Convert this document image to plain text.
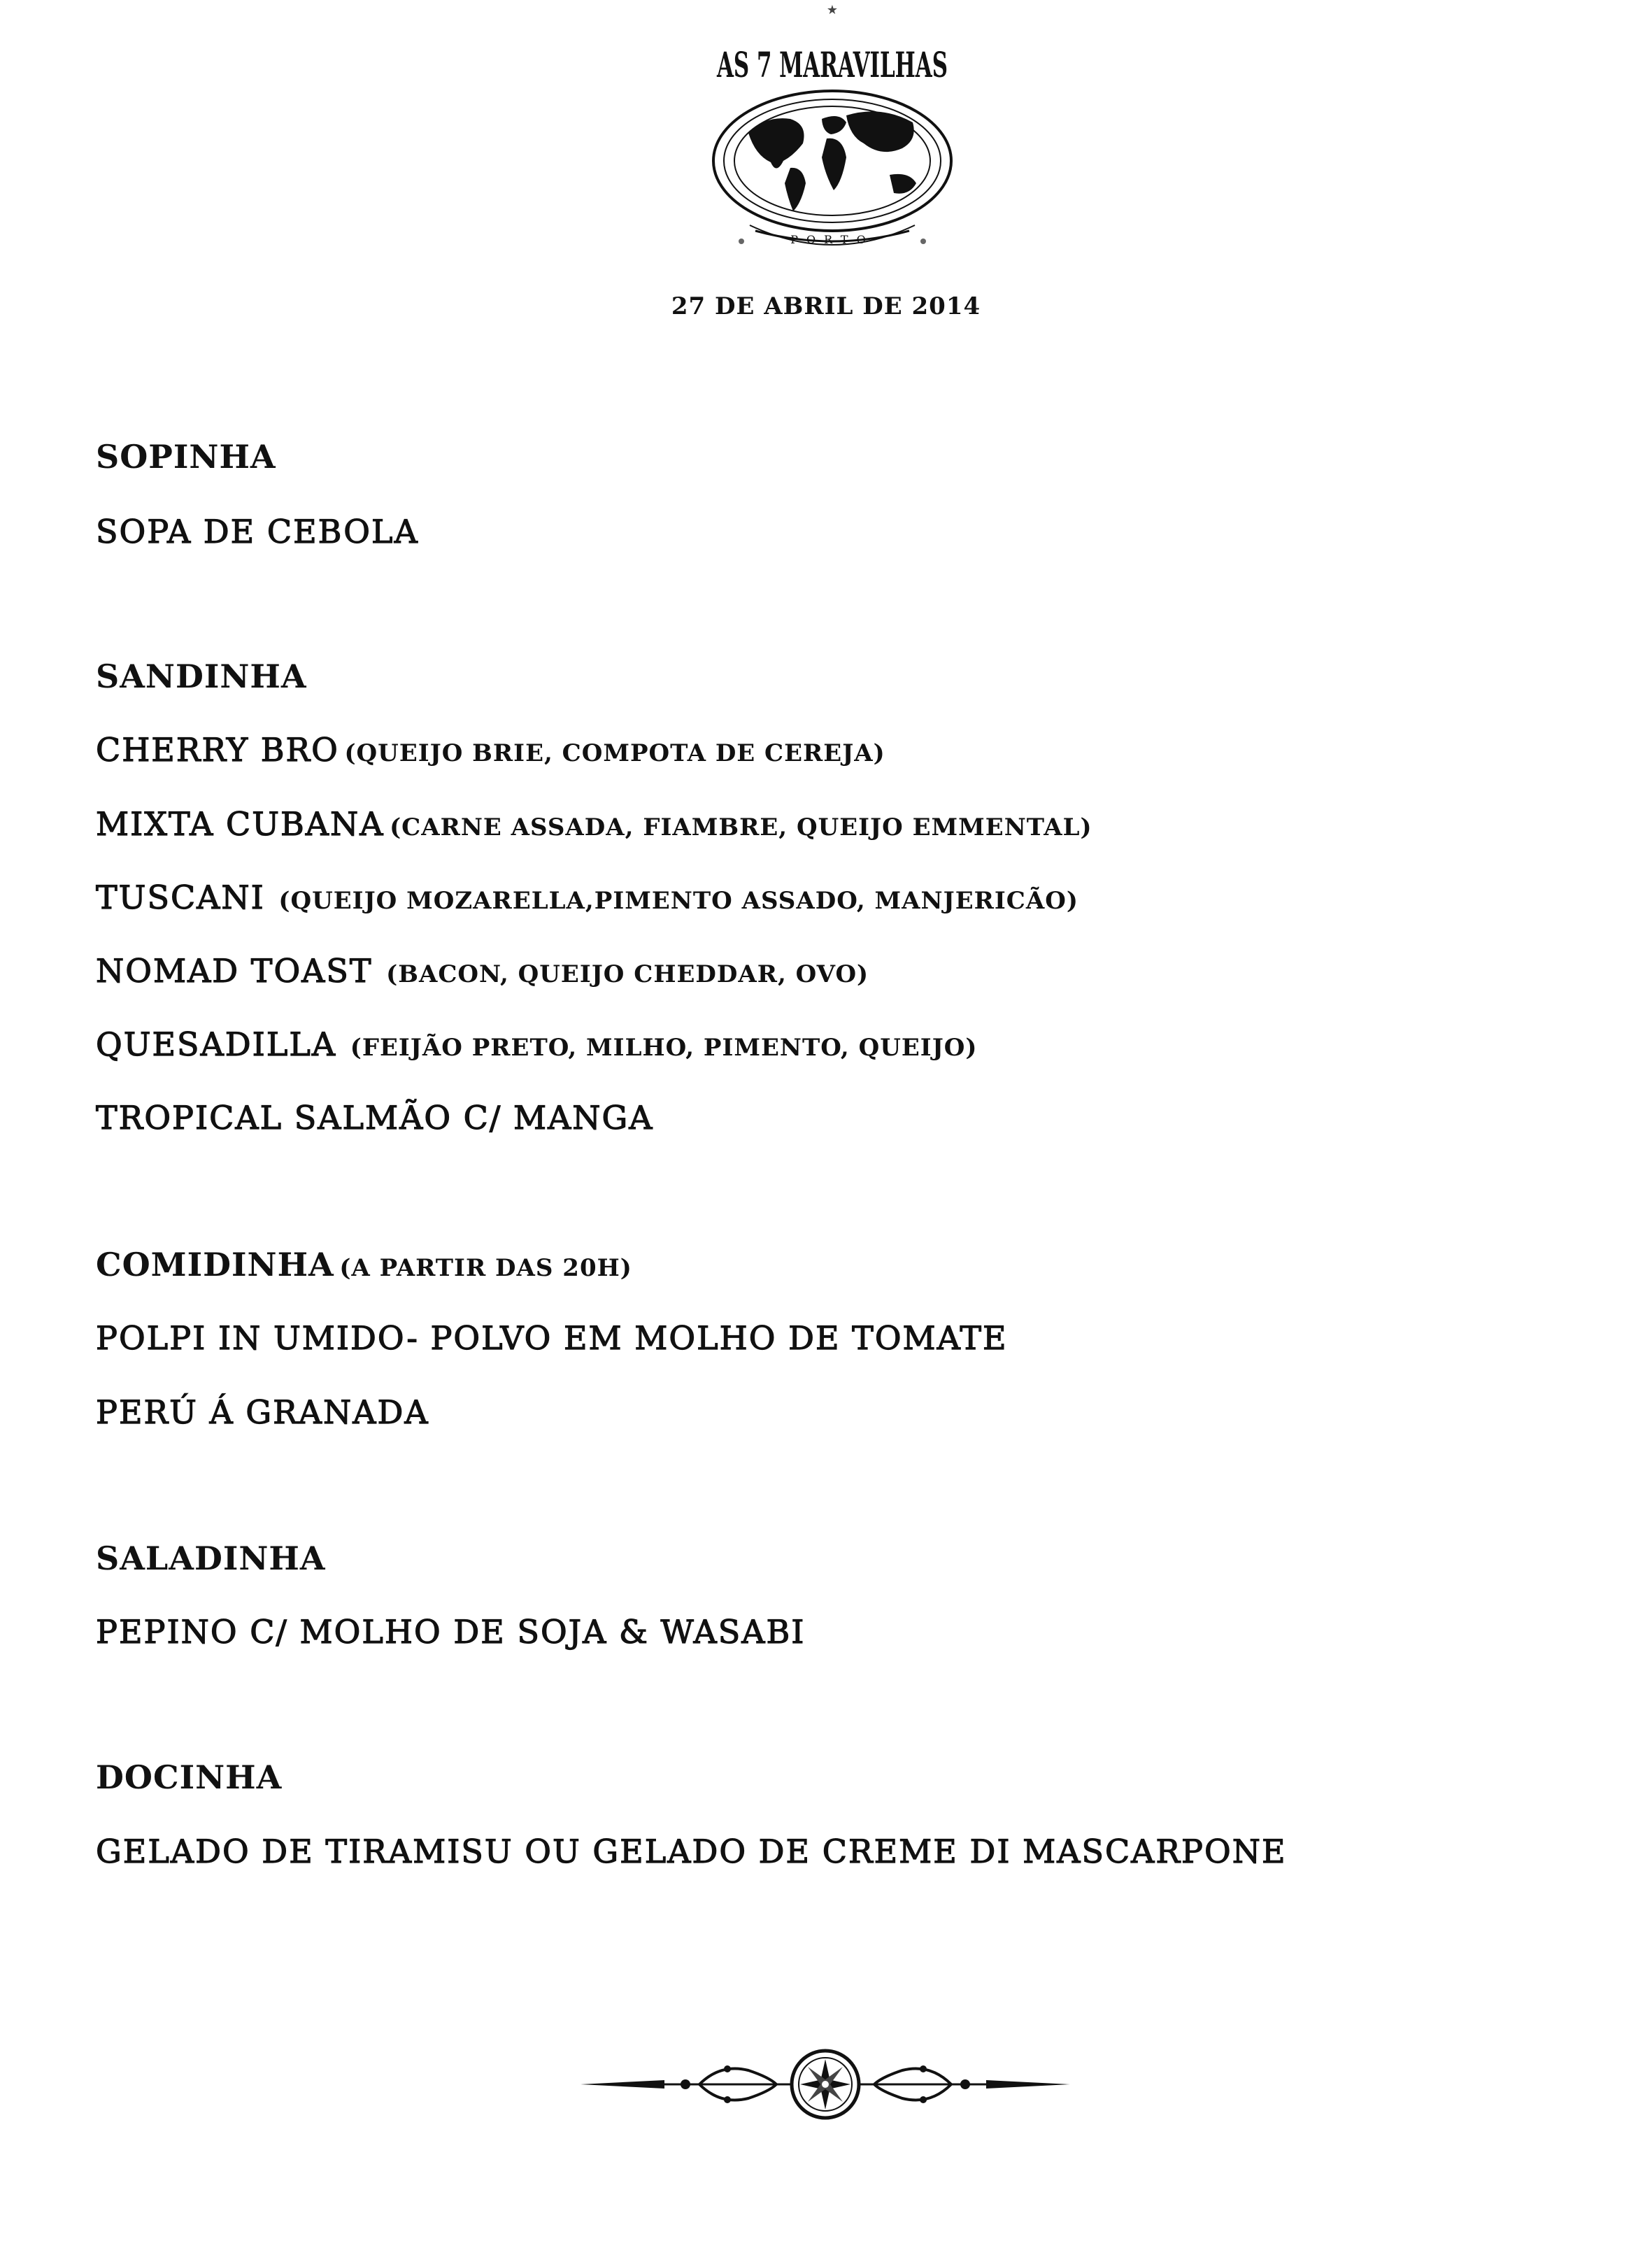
★
AS 7 MARAVILHAS
PORTO
27 DE ABRIL DE 2014
SOPINHA
SOPA DE CEBOLA
SANDINHA
CHERRY BRO (QUEIJO BRIE, COMPOTA DE CEREJA)
MIXTA CUBANA (CARNE ASSADA, FIAMBRE, QUEIJO EMMENTAL)
TUSCANI (QUEIJO MOZARELLA,PIMENTO ASSADO, MANJERICÃO)
NOMAD TOAST (BACON, QUEIJO CHEDDAR, OVO)
QUESADILLA (FEIJÃO PRETO, MILHO, PIMENTO, QUEIJO)
TROPICAL SALMÃO C/ MANGA
COMIDINHA (A PARTIR DAS 20H)
POLPI IN UMIDO- POLVO EM MOLHO DE TOMATE
PERÚ Á GRANADA
SALADINHA
PEPINO C/ MOLHO DE SOJA & WASABI
DOCINHA
GELADO DE TIRAMISU OU GELADO DE CREME DI MASCARPONE
